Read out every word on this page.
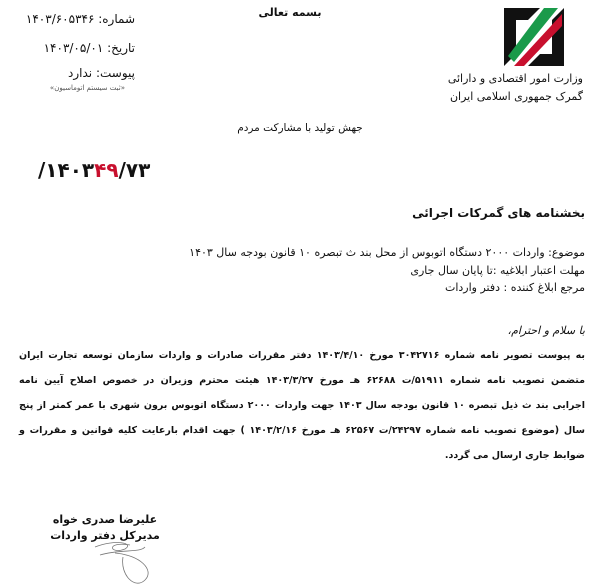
بسمه تعالی
وزارت امور اقتصادی و دارائی
گمرک جمهوری اسلامی ایران
شماره: ۱۴۰۳/۶۰۵۳۴۶
تاریخ: ۱۴۰۳/۰۵/۰۱
پیوست: ندارد
«ثبت سیستم اتوماسیون»
جهش تولید با مشارکت مردم
/۱۴۰۳۴۹/۷۳
بخشنامه های گمرکات اجرائی
موضوع: واردات ۲۰۰۰ دستگاه اتوبوس از محل بند ث تبصره ۱۰ قانون بودجه سال ۱۴۰۳
مهلت اعتبار ابلاغیه :تا پایان سال جاری
مرجع ابلاغ کننده : دفتر واردات
با سلام و احترام،
به پیوست تصویر نامه شماره ۳۰۴۲۷۱۶ مورخ ۱۴۰۳/۴/۱۰ دفتر مقررات صادرات و واردات سازمان توسعه تجارت ایران
متضمن تصویب نامه شماره ۵۱۹۱۱/ت ۶۲۶۸۸ هـ مورخ ۱۴۰۳/۳/۲۷ هیئت محترم وزیران در خصوص اصلاح آیین نامه
اجرایی بند ث ذیل تبصره ۱۰ قانون بودجه سال ۱۴۰۳ جهت واردات ۲۰۰۰ دستگاه اتوبوس برون شهری با عمر کمتر از پنج
سال (موضوع تصویب نامه شماره ۲۴۲۹۷/ت ۶۲۵۶۷ هـ مورخ ۱۴۰۳/۲/۱۶ ) جهت اقدام بارعایت کلیه قوانین و مقررات و
ضوابط جاری ارسال می گردد.
علیرضا صدری خواه
مدیرکل دفتر واردات
